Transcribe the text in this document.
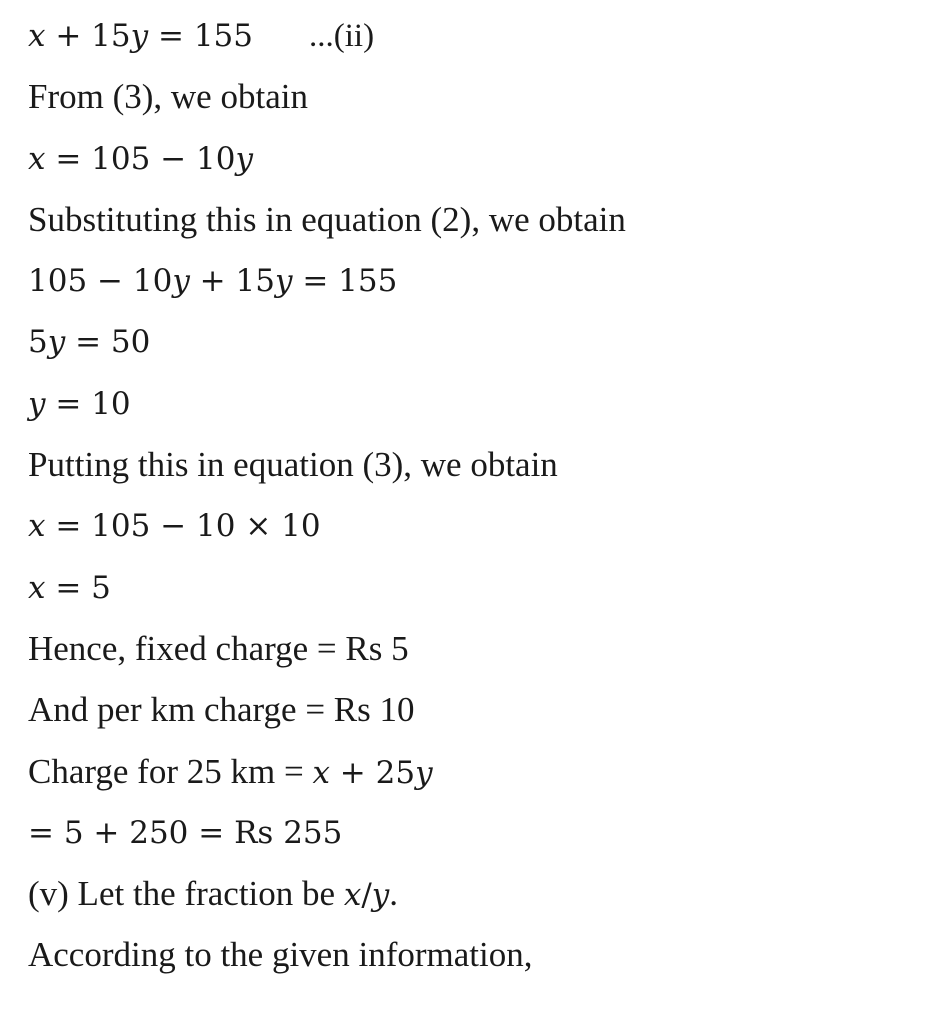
x + 15y = 155 ...(ii)
From (3), we obtain
x = 105 − 10y
Substituting this in equation (2), we obtain
105 − 10y + 15y = 155
5y = 50
y = 10
Putting this in equation (3), we obtain
x = 105 − 10 × 10
x = 5
Hence, fixed charge = Rs 5
And per km charge = Rs 10
Charge for 25 km = x + 25y
= 5 + 250 = Rs 255
(v) Let the fraction be x/y.
According to the given information,
